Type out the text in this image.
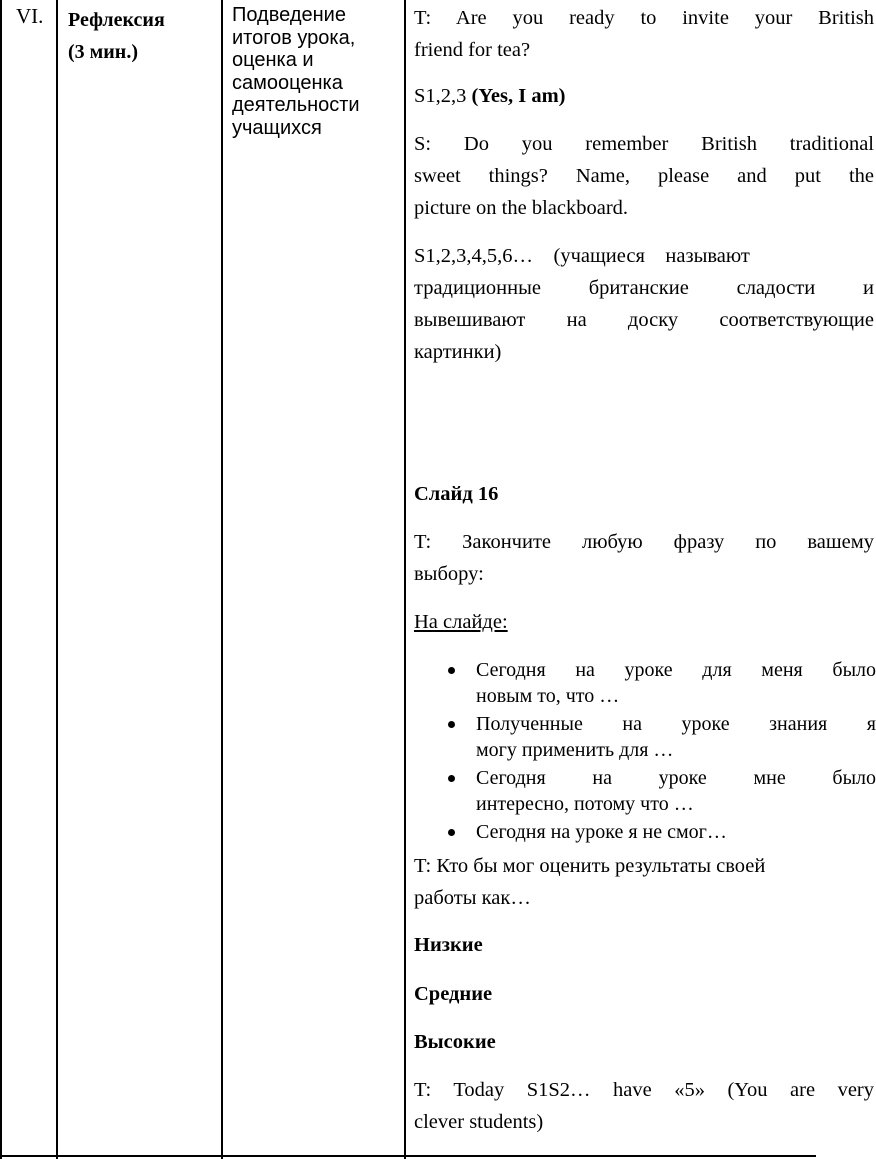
VI. Рефлексия
(3 мин.)
Подведение
итогов урока,
оценка и
самооценка
деятельности
учащихся
T: Are you ready to invite your British
friend for tea?
S1,2,3 (Yes, I am)
S: Do you remember British traditional
sweet things? Name, please and put the
picture on the blackboard.
S1,2,3,4,5,6…    (учащиеся    называют
традиционные британские сладости и
вывешивают на доску соответствующие
картинки)
Слайд 16
T: Закончите любую фразу по вашему
выбору:
На слайде:
Сегодня на уроке для меня было
новым то, что …
Полученные на уроке знания я
могу применить для …
Сегодня на уроке мне было
интересно, потому что …
Сегодня на уроке я не смог…
T: Кто бы мог оценить результаты своей
работы как…
Низкие
Средние
Высокие
T: Today S1S2… have «5» (You are very
clever students)
